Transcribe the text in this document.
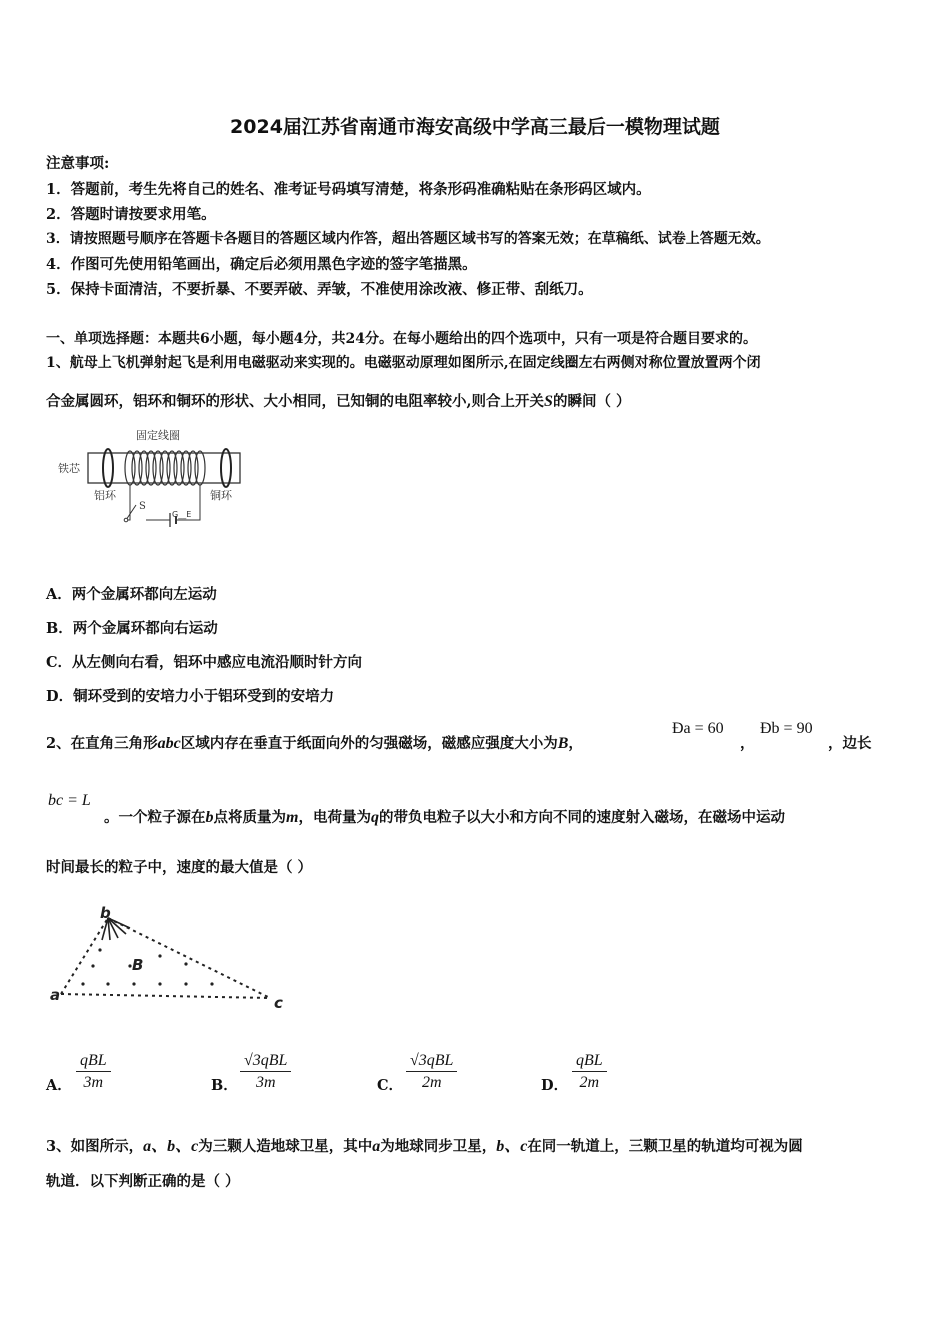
2024届江苏省南通市海安高级中学高三最后一模物理试题
注意事项:
1．答题前，考生先将自己的姓名、准考证号码填写清楚，将条形码准确粘贴在条形码区域内。
2．答题时请按要求用笔。
3．请按照题号顺序在答题卡各题目的答题区域内作答，超出答题区域书写的答案无效；在草稿纸、试卷上答题无效。
4．作图可先使用铅笔画出，确定后必须用黑色字迹的签字笔描黑。
5．保持卡面清洁，不要折暴、不要弄破、弄皱，不准使用涂改液、修正带、刮纸刀。
一、单项选择题：本题共6小题，每小题4分，共24分。在每小题给出的四个选项中，只有一项是符合题目要求的。
1、航母上飞机弹射起飞是利用电磁驱动来实现的。电磁驱动原理如图所示,在固定线圈左右两侧对称位置放置两个闭
合金属圆环，铝环和铜环的形状、大小相同，已知铜的电阻率较小,则合上开关S的瞬间（ ）
固定线圈
铁芯
铝环	铜环
S
G__E
A．两个金属环都向左运动
B．两个金属环都向右运动
C．从左侧向右看，铝环中感应电流沿顺时针方向
D．铜环受到的安培力小于铝环受到的安培力
2、在直角三角形abc区域内存在垂直于纸面向外的匀强磁场，磁感应强度大小为B，
Ða = 60
，
Ðb = 90
，边长
bc = L
。一个粒子源在b点将质量为m，电荷量为q的带负电粒子以大小和方向不同的速度射入磁场，在磁场中运动
时间最长的粒子中，速度的最大值是（ ）
b
B
a	c
A．
qBL
3m	B．
√3qBL
3m	C．
√3qBL
2m	D．
qBL
2m
3、如图所示，a、b、c为三颗人造地球卫星，其中a为地球同步卫星，b、c在同一轨道上，三颗卫星的轨道均可视为圆
轨道．以下判断正确的是（ ）
